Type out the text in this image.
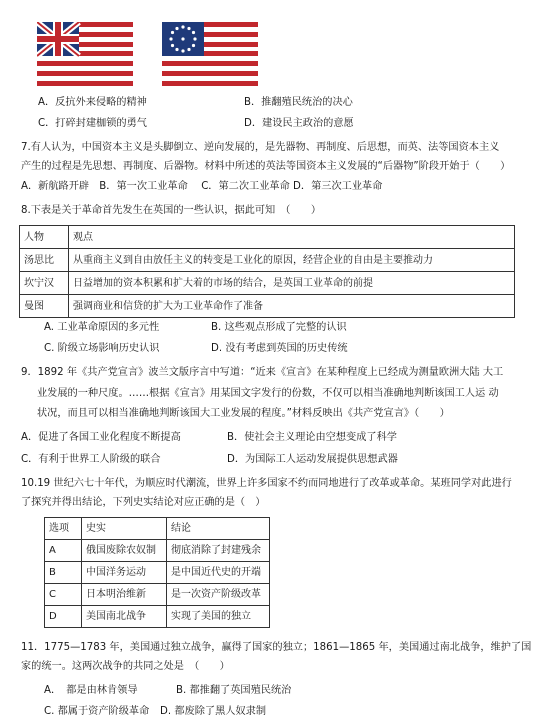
A．反抗外来侵略的精神	B．推翻殖民统治的决心
C．打碎封建枷锁的勇气	D．建设民主政治的意愿
7.有人认为，中国资本主义是头脚倒立、逆向发展的，是先器物、再制度、后思想，而英、法等国资本主义
产生的过程是先思想、再制度、后器物。材料中所述的英法等国资本主义发展的“后器物”阶段开始于（　　）
A．新航路开辟　B．第一次工业革命　 C．第二次工业革命 D．第三次工业革命
8.下表是关于革命首先发生在英国的一些认识，据此可知　（　　）
人物	观点
汤思比	从重商主义到自由放任主义的转变是工业化的原因，经营企业的自由是主要推动力
坎宁汉	日益增加的资本积累和扩大着的市场的结合，是英国工业革命的前提
曼图	强调商业和信贷的扩大为工业革命作了准备
A. 工业革命原因的多元性	B. 这些观点形成了完整的认识
C. 阶级立场影响历史认识	D. 没有考虑到英国的历史传统
9．1892 年《共产党宣言》波兰文版序言中写道：“近来《宣言》在某种程度上已经成为测量欧洲大陆 大工
业发展的一种尺度。……根据《宣言》用某国文字发行的份数，不仅可以相当准确地判断该国工人运 动
状况，而且可以相当准确地判断该国大工业发展的程度。”材料反映出《共产党宣言》（　　）
A．促进了各国工业化程度不断提高	B．使社会主义理论由空想变成了科学
C．有利于世界工人阶级的联合	D．为国际工人运动发展提供思想武器
10.19 世纪六七十年代，为顺应时代潮流，世界上许多国家不约而同地进行了改革或革命。某班同学对此进行
了探究并得出结论，下列史实结论对应正确的是（　）
选项	史实	结论
A	俄国废除农奴制	彻底消除了封建残余
B	中国洋务运动	是中国近代史的开端
C	日本明治维新	是一次资产阶级改革
D	美国南北战争	实现了美国的独立
11．1775—1783 年，美国通过独立战争，赢得了国家的独立；1861—1865 年，美国通过南北战争，维护了国
家的统一。这两次战争的共同之处是　（　　）
A．　都是由林肯领导	B. 都推翻了英国殖民统治
C. 都属于资产阶级革命 D. 都废除了黑人奴隶制
